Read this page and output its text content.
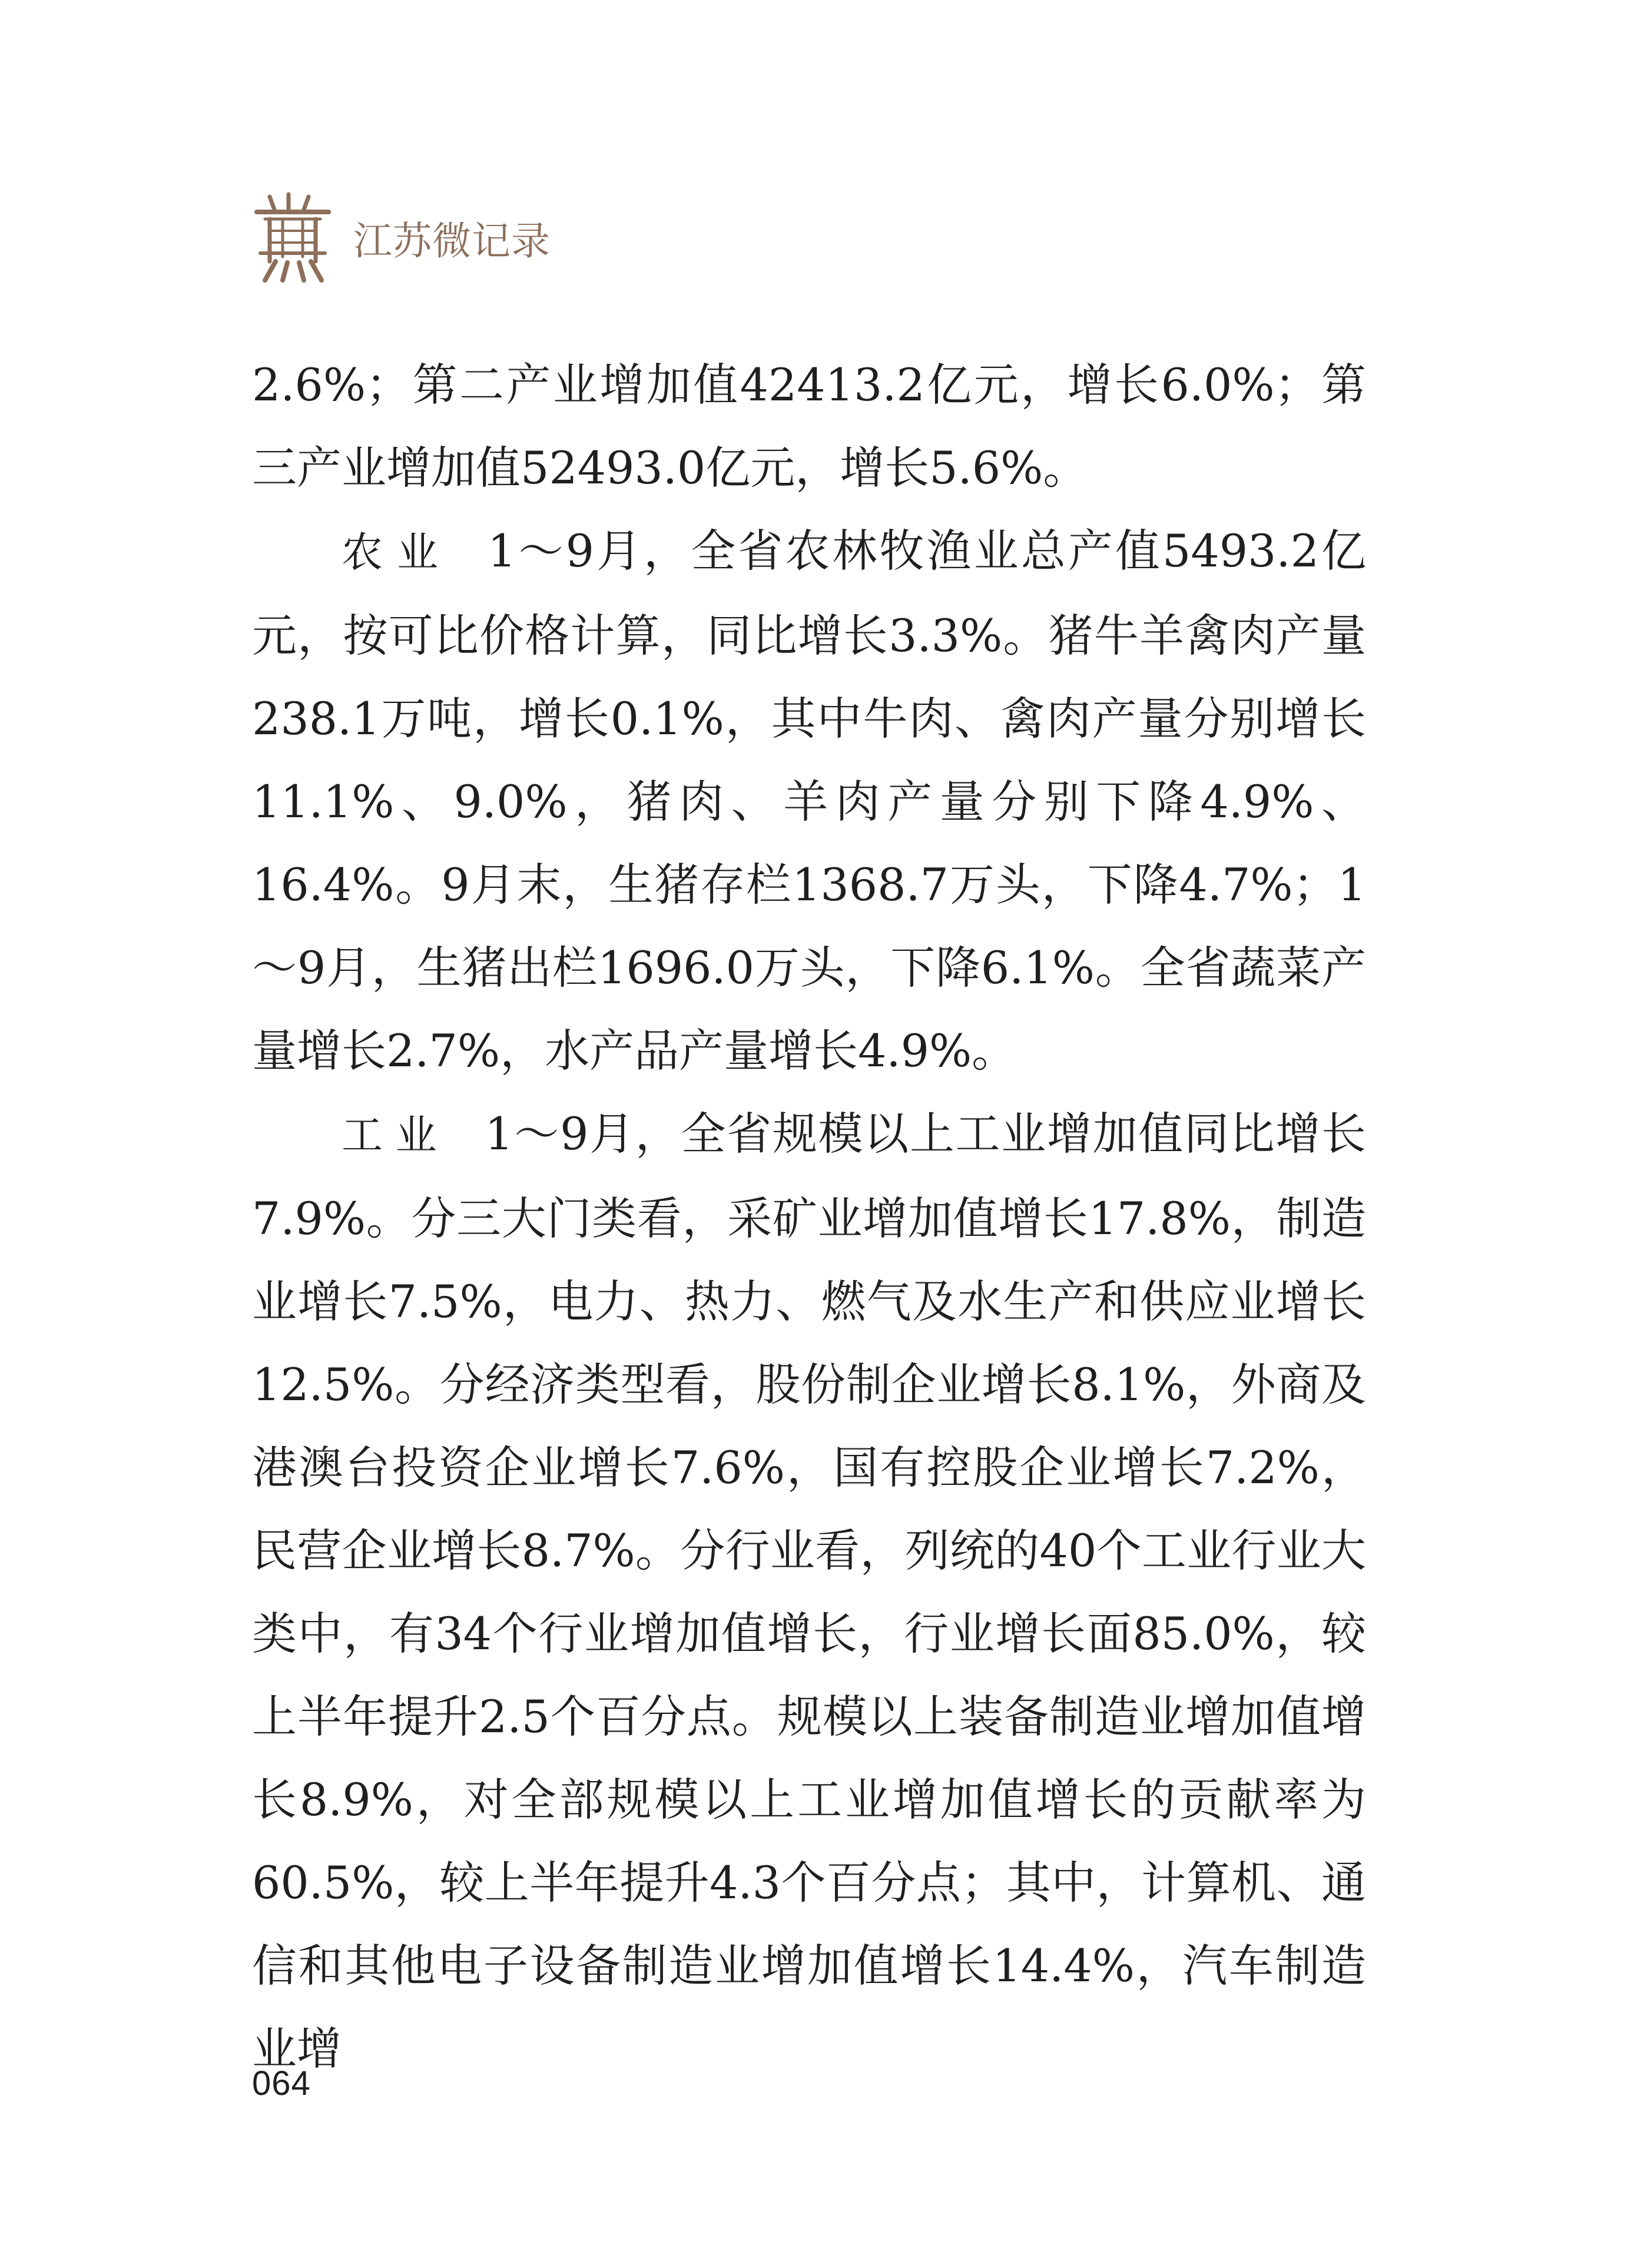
江苏微记录

2.6%；第二产业增加值42413.2亿元，增长6.0%；第三产业增加值52493.0亿元，增长5.6%。

农业 1～9月，全省农林牧渔业总产值5493.2亿元，按可比价格计算，同比增长3.3%。猪牛羊禽肉产量238.1万吨，增长0.1%，其中牛肉、禽肉产量分别增长11.1%、9.0%，猪肉、羊肉产量分别下降4.9%、16.4%。9月末，生猪存栏1368.7万头，下降4.7%；1～9月，生猪出栏1696.0万头，下降6.1%。全省蔬菜产量增长2.7%，水产品产量增长4.9%。

工业 1～9月，全省规模以上工业增加值同比增长7.9%。分三大门类看，采矿业增加值增长17.8%，制造业增长7.5%，电力、热力、燃气及水生产和供应业增长12.5%。分经济类型看，股份制企业增长8.1%，外商及港澳台投资企业增长7.6%，国有控股企业增长7.2%，民营企业增长8.7%。分行业看，列统的40个工业行业大类中，有34个行业增加值增长，行业增长面85.0%，较上半年提升2.5个百分点。规模以上装备制造业增加值增长8.9%，对全部规模以上工业增加值增长的贡献率为60.5%，较上半年提升4.3个百分点；其中，计算机、通信和其他电子设备制造业增加值增长14.4%，汽车制造业增

064
